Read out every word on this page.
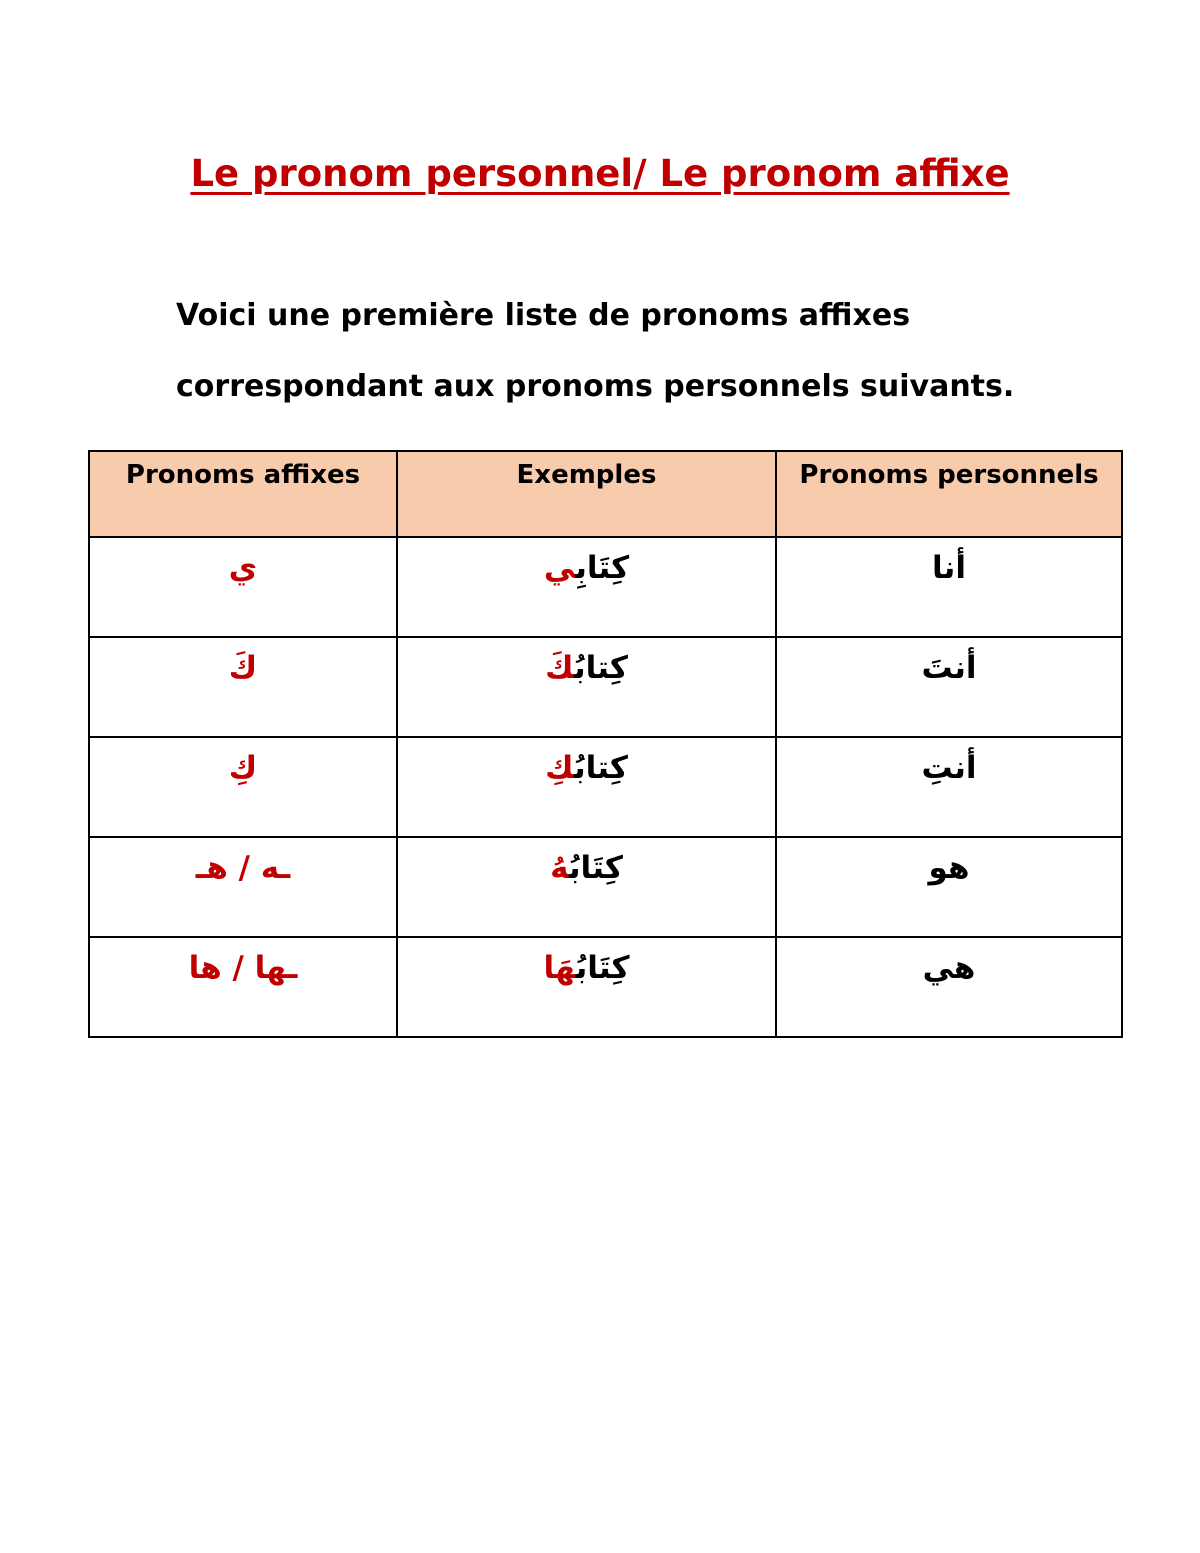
Le pronom personnel/ Le pronom affixe
Voici une première liste de pronoms affixes
correspondant aux pronoms personnels suivants.
Pronoms affixes	Exemples	Pronoms personnels
ي	كِتَابِي	أنا
كَ	كِتابُكَ	أنتَ
كِ	كِتابُكِ	أنتِ
ـه / هـ	كِتَابُهُ	هو
ـها / ها	كِتَابُهَا	هي
